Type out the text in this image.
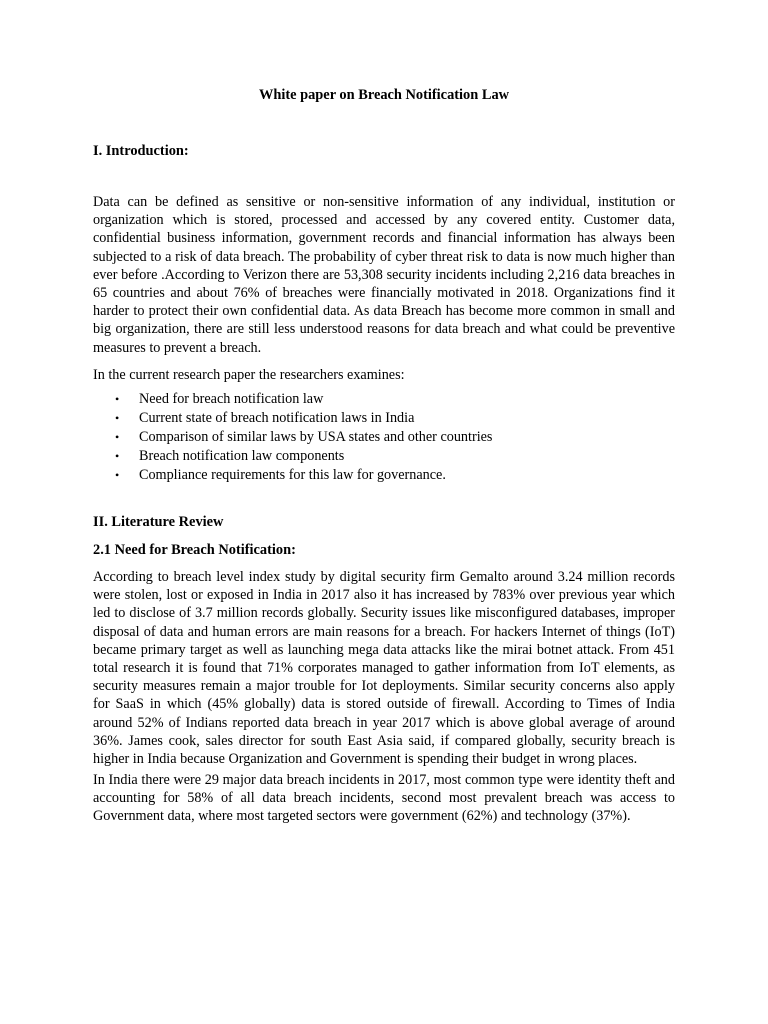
White paper on Breach Notification Law
I. Introduction:

Data can be defined as sensitive or non-sensitive information of any individual, institution or organization which is stored, processed and accessed by any covered entity. Customer data, confidential business information, government records and financial information has always been subjected to a risk of data breach. The probability of cyber threat risk to data is now much higher than ever before .According to Verizon there are 53,308 security incidents including 2,216 data breaches in 65 countries and about 76% of breaches were financially motivated in 2018. Organizations find it harder to protect their own confidential data. As data Breach has become more common in small and big organization, there are still less understood reasons for data breach and what could be preventive measures to prevent a breach.

In the current research paper the researchers examines:

• Need for breach notification law
• Current state of breach notification laws in India
• Comparison of similar laws by USA states and other countries
• Breach notification law components
• Compliance requirements for this law for governance.
II. Literature Review
2.1 Need for Breach Notification:

According to breach level index study by digital security firm Gemalto around 3.24 million records were stolen, lost or exposed in India in 2017 also it has increased by 783% over previous year which led to disclose of 3.7 million records globally. Security issues like misconfigured databases, improper disposal of data and human errors are main reasons for a breach. For hackers Internet of things (IoT) became primary target as well as launching mega data attacks like the mirai botnet attack. From 451 total research it is found that 71% corporates managed to gather information from IoT elements, as security measures remain a major trouble for Iot deployments. Similar security concerns also apply for SaaS in which (45% globally) data is stored outside of firewall. According to Times of India around 52% of Indians reported data breach in year 2017 which is above global average of around 36%. James cook, sales director for south East Asia said, if compared globally, security breach is higher in India because Organization and Government is spending their budget in wrong places.

In India there were 29 major data breach incidents in 2017, most common type were identity theft and accounting for 58% of all data breach incidents, second most prevalent breach was access to Government data, where most targeted sectors were government (62%) and technology (37%).
